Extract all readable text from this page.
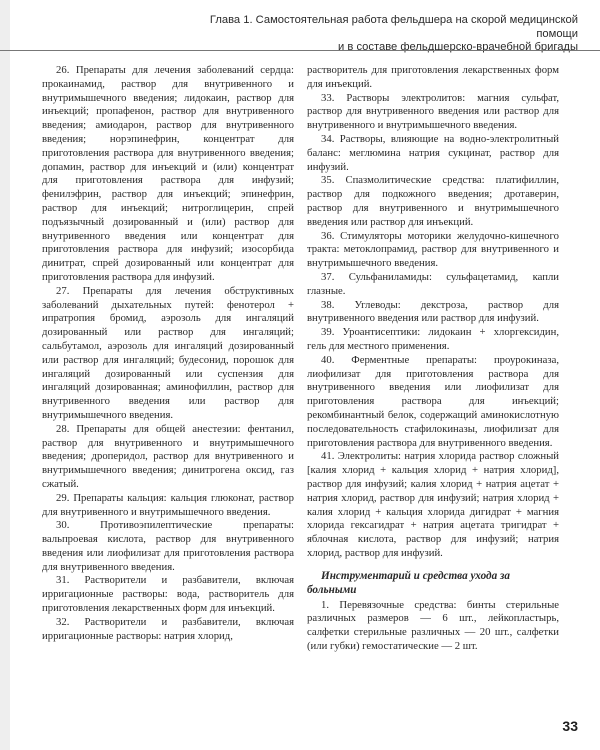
Глава 1. Самостоятельная работа фельдшера на скорой медицинской помощи
и в составе фельдшерско-врачебной бригады

26. Препараты для лечения заболеваний сердца: прокаинамид, раствор для внутривенного и внутримышечного введения; лидокаин, раствор для инъекций; пропафенон, раствор для внутривенного введения; амиодарон, раствор для внутривенного введения; норэпинефрин, концентрат для приготовления раствора для внутривенного введения; допамин, раствор для инъекций и (или) концентрат для приготовления раствора для инфузий; фенилэфрин, раствор для инъекций; эпинефрин, раствор для инъекций; нитроглицерин, спрей подъязычный дозированный и (или) раствор для внутривенного введения или концентрат для приготовления раствора для инфузий; изосорбида динитрат, спрей дозированный или концентрат для приготовления раствора для инфузий.

27. Препараты для лечения обструктивных заболеваний дыхательных путей: фенотерол + ипратропия бромид, аэрозоль для ингаляций дозированный или раствор для ингаляций; сальбутамол, аэрозоль для ингаляций дозированный или раствор для ингаляций; будесонид, порошок для ингаляций дозированный или суспензия для ингаляций дозированная; аминофиллин, раствор для внутривенного введения или раствор для внутримышечного введения.

28. Препараты для общей анестезии: фентанил, раствор для внутривенного и внутримышечного введения; дроперидол, раствор для внутривенного и внутримышечного введения; динитрогена оксид, газ сжатый.

29. Препараты кальция: кальция глюконат, раствор для внутривенного и внутримышечного введения.

30. Противоэпилептические препараты: вальпроевая кислота, раствор для внутривенного введения или лиофилизат для приготовления раствора для внутривенного введения.

31. Растворители и разбавители, включая ирригационные растворы: вода, растворитель для приготовления лекарственных форм для инъекций.

32. Растворители и разбавители, включая ирригационные растворы: натрия хлорид,

растворитель для приготовления лекарственных форм для инъекций.

33. Растворы электролитов: магния сульфат, раствор для внутривенного введения или раствор для внутривенного и внутримышечного введения.

34. Растворы, влияющие на водно-электролитный баланс: меглюмина натрия сукцинат, раствор для инфузий.

35. Спазмолитические средства: платифиллин, раствор для подкожного введения; дротаверин, раствор для внутривенного и внутримышечного введения или раствор для инъекций.

36. Стимуляторы моторики желудочно-кишечного тракта: метоклопрамид, раствор для внутривенного и внутримышечного введения.

37. Сульфаниламиды: сульфацетамид, капли глазные.

38. Углеводы: декстроза, раствор для внутривенного введения или раствор для инфузий.

39. Уроантисептики: лидокаин + хлоргексидин, гель для местного применения.

40. Ферментные препараты: проурокиназа, лиофилизат для приготовления раствора для внутривенного введения или лиофилизат для приготовления раствора для инъекций; рекомбинантный белок, содержащий аминокислотную последовательность стафилокиназы, лиофилизат для приготовления раствора для внутривенного введения.

41. Электролиты: натрия хлорида раствор сложный [калия хлорид + кальция хлорид + натрия хлорид], раствор для инфузий; калия хлорид + натрия ацетат + натрия хлорид, раствор для инфузий; натрия хлорид + калия хлорид + кальция хлорида дигидрат + магния хлорида гексагидрат + натрия ацетата тригидрат + яблочная кислота, раствор для инфузий; натрия хлорид, раствор для инфузий.

Инструментарий и средства ухода за больными

1. Перевязочные средства: бинты стерильные различных размеров — 6 шт., лейкопластырь, салфетки стерильные различных — 20 шт., салфетки (или губки) гемостатические — 2 шт.

33
